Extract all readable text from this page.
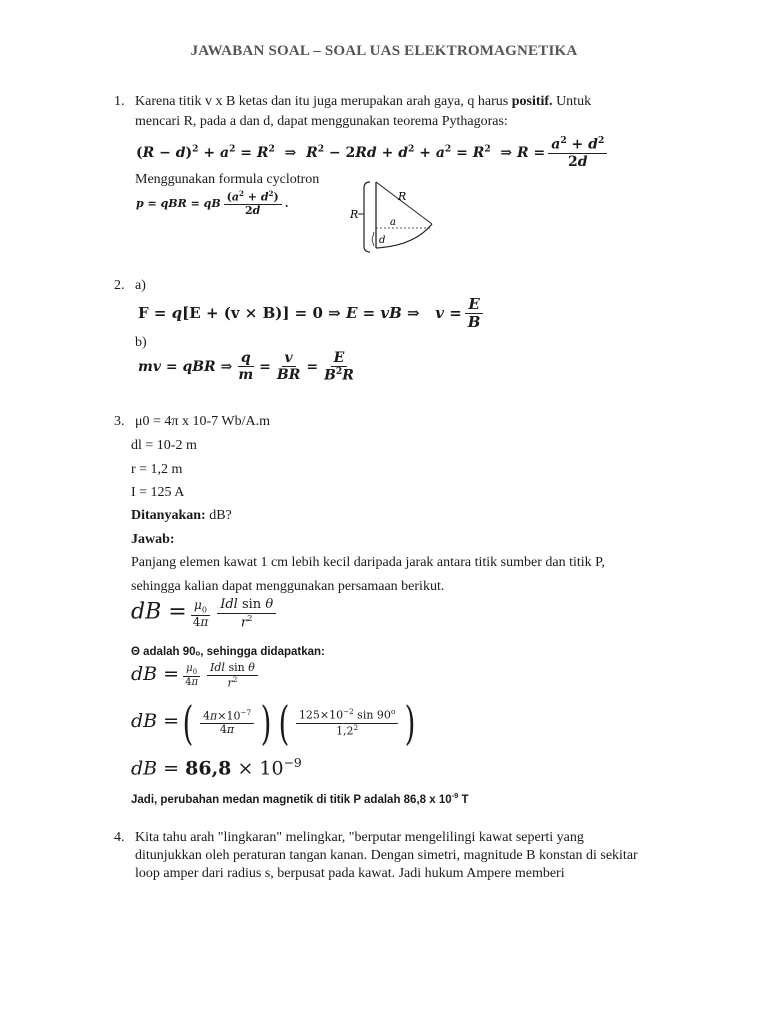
JAWABAN SOAL – SOAL UAS ELEKTROMAGNETIKA
1. Karena titik v x B ketas dan itu juga merupakan arah gaya, q harus positif. Untuk
mencari R, pada a dan d, dapat menggunakan teorema Pythagoras:
$(R - d)^2 + a^2 = R^2$  ⇒  $R^2 - 2Rd + d^2 + a^2 = R^2$  ⇒ $R = \frac{a^2 + d^2}{2d}$
Menggunakan formula cyclotron
p = qBR = qB $\frac{(a^2 + d^2)}{2d}$ .
R
R
a
d
2. a)
F = q[E + (v × B)] = 0 ⇒ E = vB ⇒   $v = \frac{E}{B}$
b)
mv = qBR ⇒ $\frac{q}{m} = \frac{v}{BR} = \frac{E}{B^2R}$
3. μ0 = 4π x 10-7 Wb/A.m
dl = 10-2 m
r = 1,2 m
I = 125 A
Ditanyakan: dB?
Jawab:
Panjang elemen kawat 1 cm lebih kecil daripada jarak antara titik sumber dan titik P,
sehingga kalian dapat menggunakan persamaan berikut.
dB = $\frac{\mu_0}{4\pi} \frac{\text{Idl sin θ}}{r^2}$
Θ adalah 90ₒ, sehingga didapatkan:
dB = $\frac{\mu_0}{4\pi} \frac{\text{Idl sin θ}}{r^2}$
dB =( $\frac{4\pi\times 10^{-7}}{4\pi}$ ) ( $\frac{125\times 10^{-2} \sin 90^o}{1,2^2}$ )
dB = $86,8 \times 10^{-9}$
Jadi, perubahan medan magnetik di titik P adalah 86,8 x $10^{-9}$ T
4. Kita tahu arah "lingkaran" melingkar, "berputar mengelilingi kawat seperti yang
ditunjukkan oleh peraturan tangan kanan. Dengan simetri, magnitude B konstan di sekitar
loop amper dari radius s, berpusat pada kawat. Jadi hukum Ampere memberi
